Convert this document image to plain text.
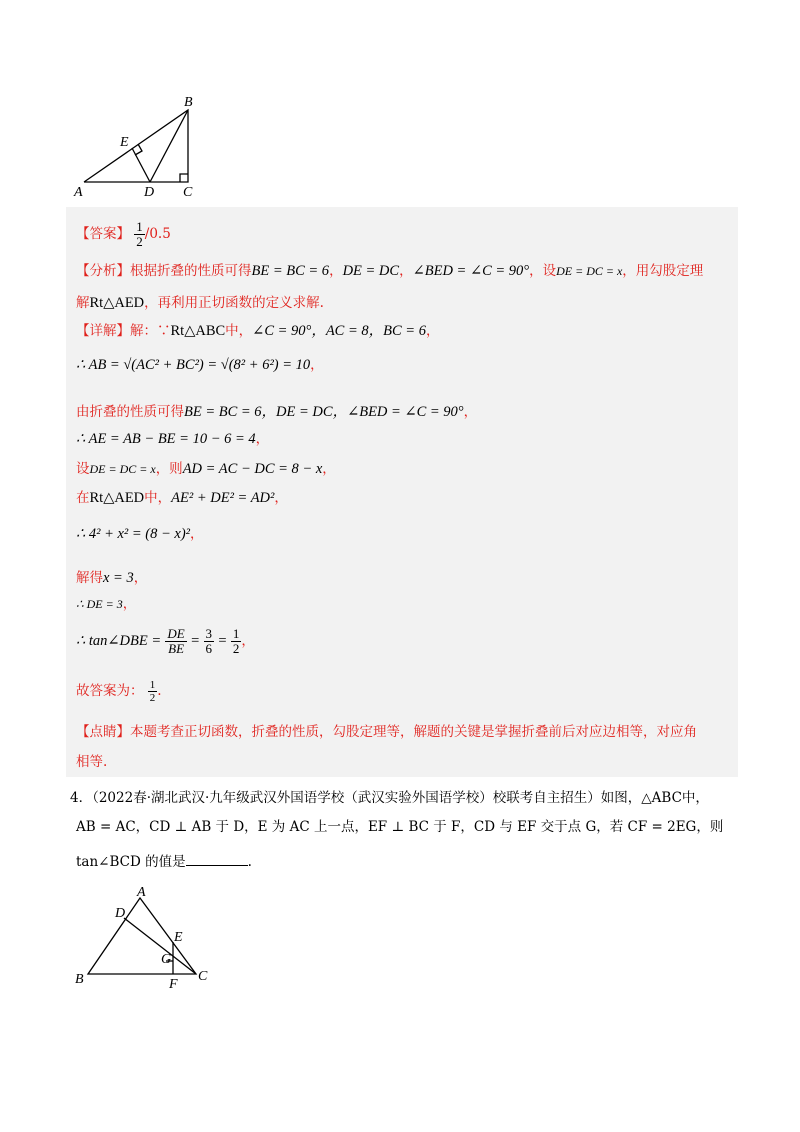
A	D C
B
E
【答案】 $\frac{1}{2} /0.5$
【分析】根据折叠的性质可得BE = BC = 6，DE = DC，∠BED = ∠C = 90°，设DE = DC = x，用勾股定理
解Rt△AED，再利用正切函数的定义求解.
【详解】解：∵Rt△ABC中，∠C = 90°，AC = 8，BC = 6，
∴ AB = √(AC² + BC²) = √(8² + 6²) = 10，
由折叠的性质可得BE = BC = 6，DE = DC，∠BED = ∠C = 90°，
∴ AE = AB − BE = 10 − 6 = 4，
设DE = DC = x，则AD = AC − DC = 8 − x，
在Rt△AED中，AE² + DE² = AD²，
∴ 4² + x² = (8 − x)²，
解得x = 3，
∴ DE = 3，
∴ tan∠DBE = $\frac{DE}{BE} = \frac{3}{6} = \frac{1}{2}$ ，
故答案为： $\frac{1}{2}$ .
【点睛】本题考查正切函数，折叠的性质，勾股定理等，解题的关键是掌握折叠前后对应边相等，对应角
相等.
4．（2022春·湖北武汉·九年级武汉外国语学校（武汉实验外国语学校）校联考自主招生）如图，△ABC中，
AB = AC，CD ⊥ AB 于 D，E 为 AC 上一点，EF ⊥ BC 于 F，CD 与 EF 交于点 G，若 CF = 2EG，则
tan∠BCD 的值是	.
A
D
E
G
B	C
F
